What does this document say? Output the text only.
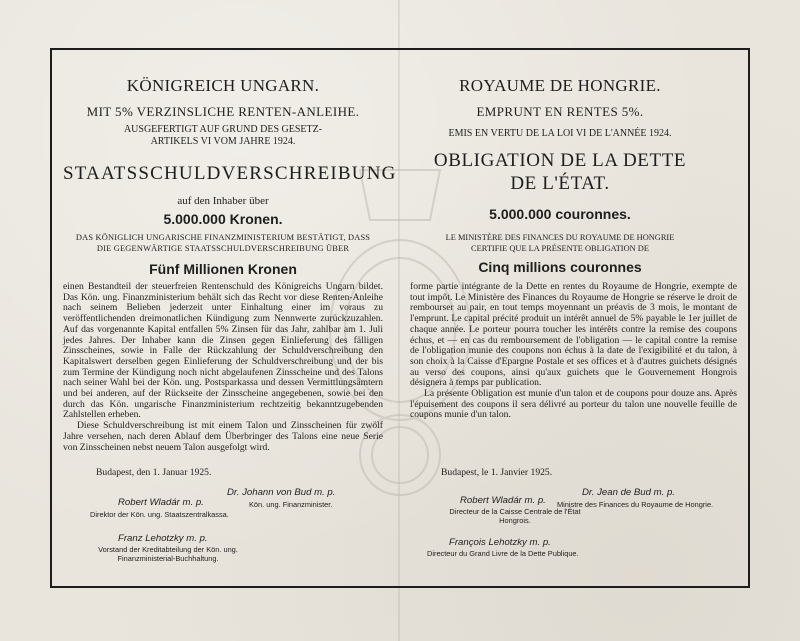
KÖNIGREICH UNGARN.
MIT 5% VERZINSLICHE RENTEN-ANLEIHE.
AUSGEFERTIGT AUF GRUND DES GESETZ-
ARTIKELS VI VOM JAHRE 1924.
STAATSSCHULDVERSCHREIBUNG
auf den Inhaber über
5.000.000 Kronen.
DAS KÖNIGLICH UNGARISCHE FINANZMINISTERIUM BESTÄTIGT, DASS
DIE GEGENWÄRTIGE STAATSSCHULDVERSCHREIBUNG ÜBER
Fünf Millionen Kronen

einen Bestandteil der steuerfreien Rentenschuld des Königreichs Ungarn bildet. Das Kön. ung. Finanzministerium behält sich das Recht vor diese Renten-Anleihe nach seinem Belieben jederzeit unter Einhaltung einer im voraus zu veröffentlichenden dreimonatlichen Kündigung zum Nennwerte zurückzuzahlen. Auf das vorgenannte Kapital entfallen 5% Zinsen für das Jahr, zahlbar am 1. Juli jedes Jahres. Der Inhaber kann die Zinsen gegen Einlieferung des fälligen Zinsscheines, sowie in Falle der Rückzahlung der Schuldverschreibung den Kapitalswert derselben gegen Einlieferung der Schuldverschreibung und der bis zum Termine der Kündigung noch nicht abgelaufenen Zinsscheine und des Talons nach seiner Wahl bei der Kön. ung. Postsparkassa und dessen Vermittlungsämtern und bei anderen, auf der Rückseite der Zinsscheine angegebenen, sowie bei den durch das Kön. ungarische Finanzministerium rechtzeitig bekanntzugebenden Zahlstellen erheben.

Diese Schuldverschreibung ist mit einem Talon und Zinsscheinen für zwölf Jahre versehen, nach deren Ablauf dem Überbringer des Talons eine neue Serie von Zinsscheinen nebst neuem Talon ausgefolgt wird.

Budapest, den 1. Januar 1925.
Dr. Johann von Bud m. p.
Kön. ung. Finanzminister.
Robert Wladár m. p.
Direktor der Kön. ung. Staatszentralkassa.
Franz Lehotzky m. p.
Vorstand der Kreditabteilung der Kön. ung.
Finanzministerial-Buchhaltung.
ROYAUME DE HONGRIE.
EMPRUNT EN RENTES 5%.
EMIS EN VERTU DE LA LOI VI DE L'ANNÉE 1924.
OBLIGATION DE LA DETTE
DE L'ÉTAT.
5.000.000 couronnes.
LE MINISTÈRE DES FINANCES DU ROYAUME DE HONGRIE
CERTIFIE QUE LA PRÉSENTE OBLIGATION DE
Cinq millions couronnes

forme partie intégrante de la Dette en rentes du Royaume de Hongrie, exempte de tout impôt. Le Ministère des Finances du Royaume de Hongrie se réserve le droit de rembourser au pair, en tout temps moyennant un préavis de 3 mois, le montant de l'emprunt. Le capital précité produit un intérêt annuel de 5% payable le 1er juillet de chaque année. Le porteur pourra toucher les intérêts contre la remise des coupons échus, et — en cas du remboursement de l'obligation — le capital contre la remise de l'obligation munie des coupons non échus à la date de l'exigibilité et du talon, à son choix à la Caisse d'Epargne Postale et ses offices et à d'autres guichets désignés au verso des coupons, ainsi qu'aux guichets que le Gouvernement Hongrois désignera à temps par publication.

La présente Obligation est munie d'un talon et de coupons pour douze ans. Après l'épuisement des coupons il sera délivré au porteur du talon une nouvelle feuille de coupons munie d'un talon.

Budapest, le 1. Janvier 1925.
Dr. Jean de Bud m. p.
Ministre des Finances du Royaume de Hongrie.
Robert Wladár m. p.
Directeur de la Caisse Centrale de l'État
Hongrois.
François Lehotzky m. p.
Directeur du Grand Livre de la Dette Publique.
